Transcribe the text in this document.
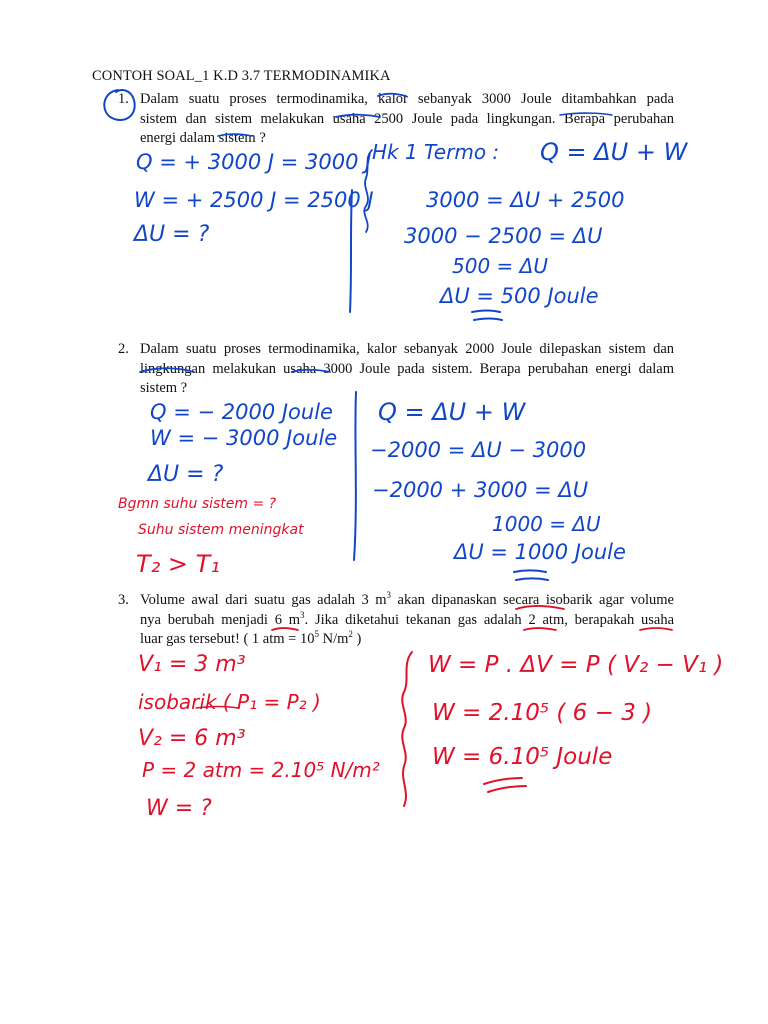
CONTOH SOAL_1 K.D 3.7 TERMODINAMIKA
1. Dalam suatu proses termodinamika, kalor sebanyak 3000 Joule ditambahkan pada
sistem dan sistem melakukan usaha 2500 Joule pada lingkungan. Berapa perubahan
energi dalam sistem ?
2. Dalam suatu proses termodinamika, kalor sebanyak 2000 Joule dilepaskan sistem dan
lingkungan melakukan usaha 3000 Joule pada sistem. Berapa perubahan energi dalam
sistem ?
3. Volume awal dari suatu gas adalah 3 $m^3$ akan dipanaskan secara isobarik agar volume
nya berubah menjadi 6 $m^3$. Jika diketahui tekanan gas adalah 2 atm, berapakah usaha
luar gas tersebut! ( 1 atm = $10^5$ $N/m^2$ )
Q = + 3000 J = 3000 J
W = + 2500 J = 2500 J
ΔU = ?
Hk 1 Termo : Q = ΔU + W
3000 = ΔU + 2500
3000 − 2500 = ΔU
500 = ΔU
ΔU = 500 Joule
Q = − 2000 Joule
W = − 3000 Joule
ΔU = ?
Q = ΔU + W
−2000 = ΔU − 3000
−2000 + 3000 = ΔU
1000 = ΔU
ΔU = 1000 Joule
Bgmn suhu sistem = ?
Suhu sistem meningkat
T₂ > T₁
V₁ = 3 m³
isobarik ( P₁ = P₂ )
V₂ = 6 m³
P = 2 atm = 2.10⁵ N/m²
W = ?
W = P . ΔV = P ( V₂ − V₁ )
W = 2.10⁵ ( 6 − 3 )
W = 6.10⁵ Joule
